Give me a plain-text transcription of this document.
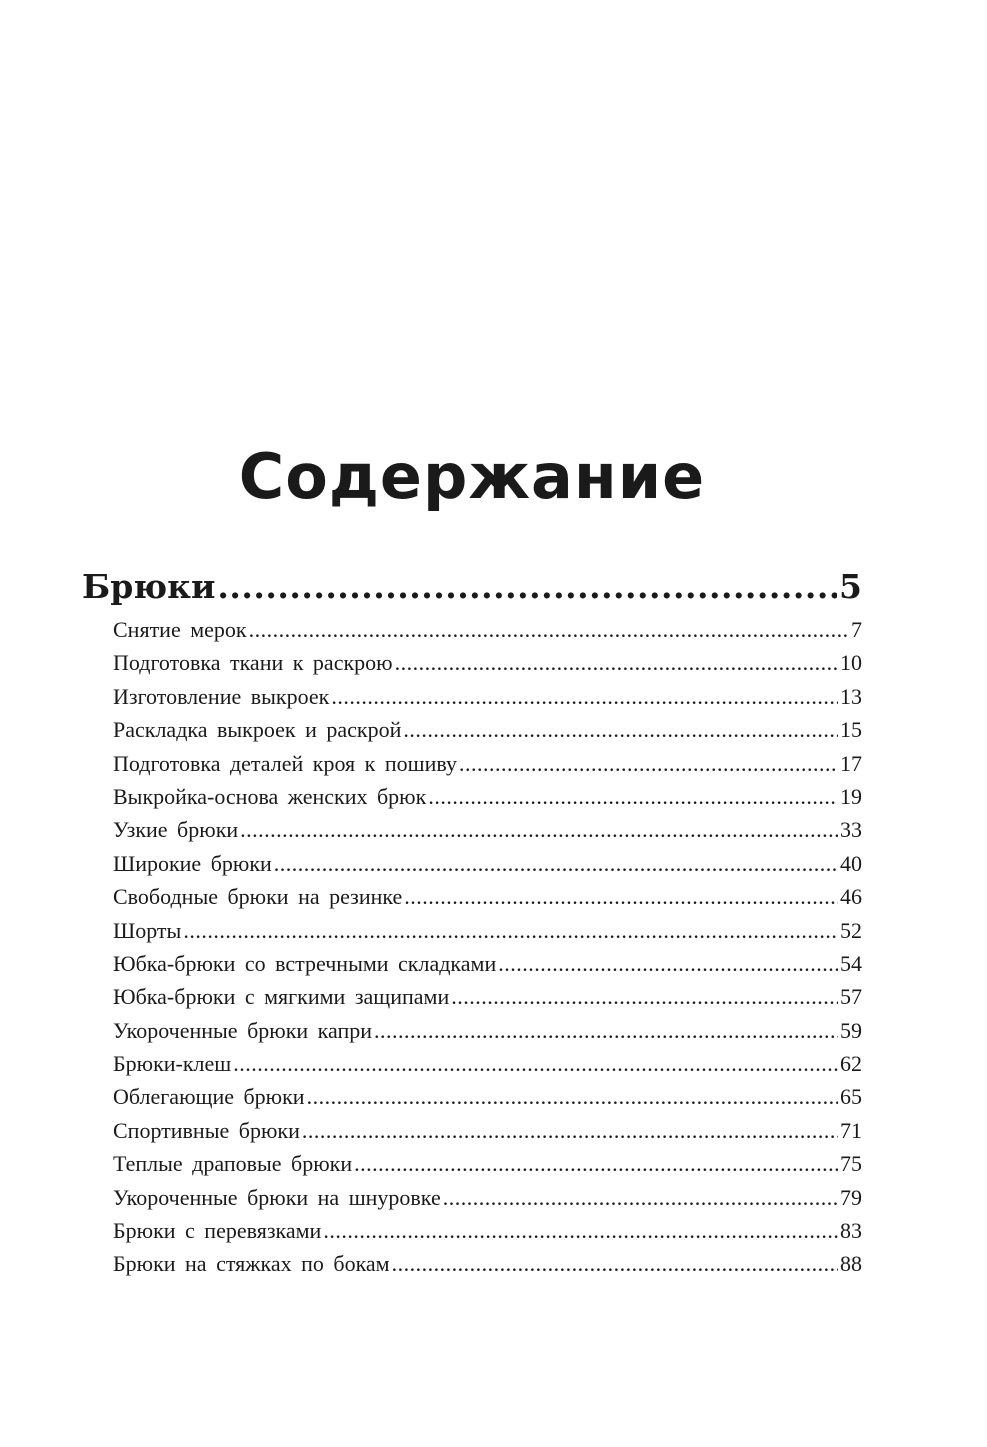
Содержание
Брюки .....	5
Снятие мерок .....	7
Подготовка ткани к раскрою .....	10
Изготовление выкроек .....	13
Раскладка выкроек и раскрой .....	15
Подготовка деталей кроя к пошиву .....	17
Выкройка-основа женских брюк .....	19
Узкие брюки .....	33
Широкие брюки .....	40
Свободные брюки на резинке .....	46
Шорты .....	52
Юбка-брюки со встречными складками .....	54
Юбка-брюки с мягкими защипами .....	57
Укороченные брюки капри .....	59
Брюки-клеш .....	62
Облегающие брюки .....	65
Спортивные брюки .....	71
Теплые драповые брюки .....	75
Укороченные брюки на шнуровке .....	79
Брюки с перевязками .....	83
Брюки на стяжках по бокам .....	88
